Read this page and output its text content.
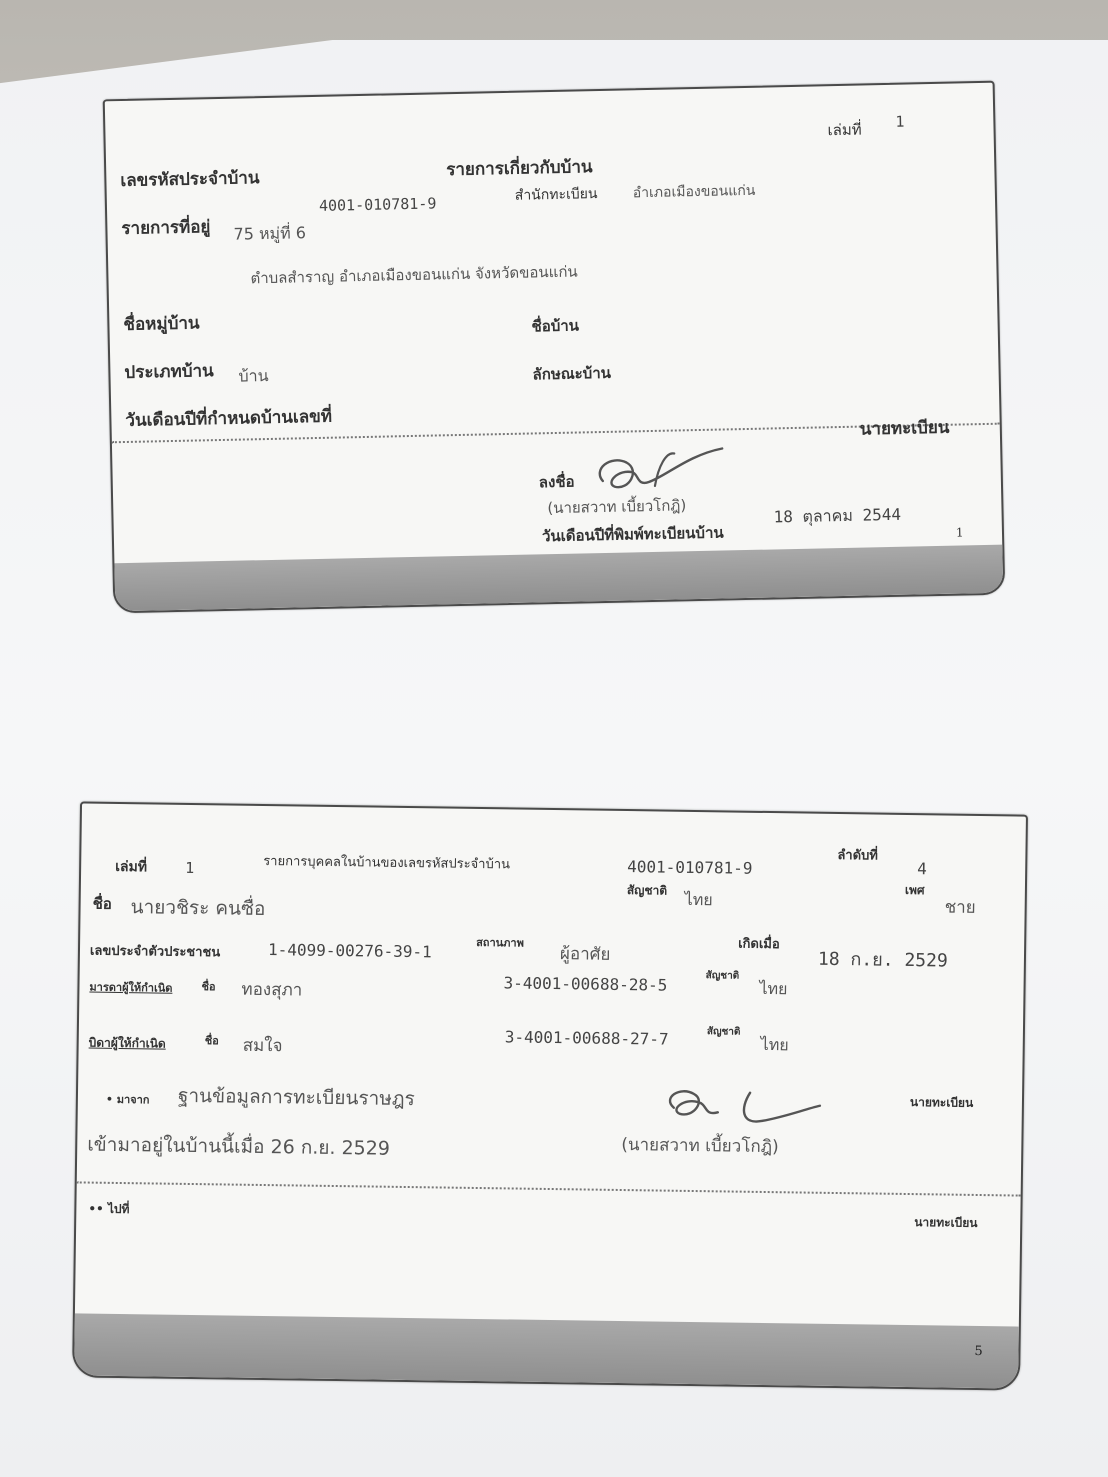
เล่มที่ 1
เลขรหัสประจำบ้าน	รายการเกี่ยวกับบ้าน
4001-010781-9	สำนักทะเบียน	อำเภอเมืองขอนแก่น
รายการที่อยู่ 75 หมู่ที่ 6
ตำบลสำราญ อำเภอเมืองขอนแก่น จังหวัดขอนแก่น
ชื่อหมู่บ้าน	ชื่อบ้าน
ประเภทบ้าน บ้าน	ลักษณะบ้าน
วันเดือนปีที่กำหนดบ้านเลขที่	นายทะเบียน
ลงชื่อ
(นายสวาท เบี้ยวโกฎิ)
วันเดือนปีที่พิมพ์ทะเบียนบ้าน
18 ตุลาคม 2544
1
เล่มที่	1	รายการบุคคลในบ้านของเลขรหัสประจำบ้าน	4001-010781-9
ลำดับที่
4
ชื่อ นายวชิระ คนซื่อ
สัญชาติ ไทย	เพศ
ชาย
เลขประจำตัวประชาชน	1-4099-00276-39-1	สถานภาพ
ผู้อาศัย	เกิดเมื่อ
18 ก.ย. 2529
มารดาผู้ให้กำเนิด	ชื่อ ทองสุภา	3-4001-00688-28-5	สัญชาติ
ไทย
บิดาผู้ให้กำเนิด	ชื่อ สมใจ	3-4001-00688-27-7	สัญชาติ
ไทย
• มาจาก ฐานข้อมูลการทะเบียนราษฎร	นายทะเบียน
เข้ามาอยู่ในบ้านนี้เมื่อ 26 ก.ย. 2529	(นายสวาท เบี้ยวโกฎิ)
•• ไปที่
นายทะเบียน
5
